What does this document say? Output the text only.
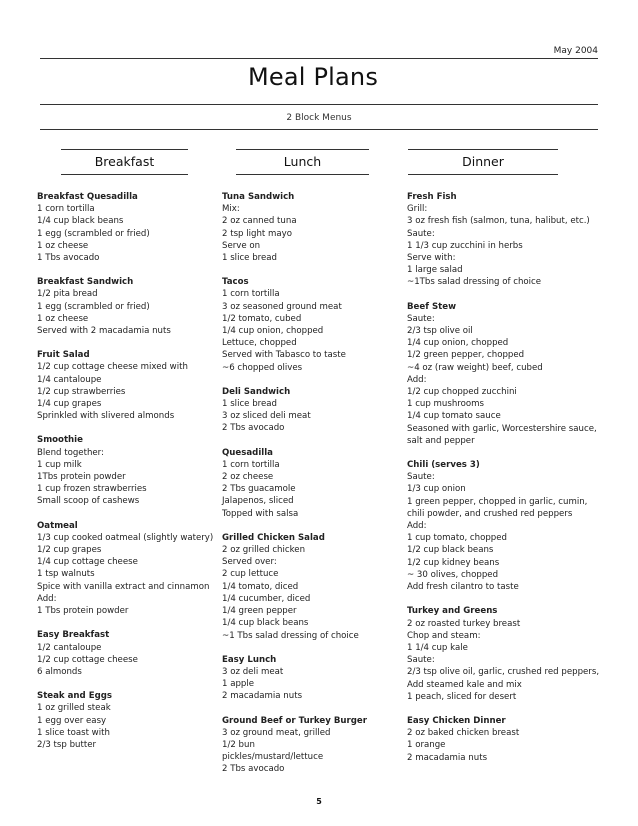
May 2004
Meal Plans
2 Block Menus
Breakfast	Lunch	Dinner
Breakfast Quesadilla
1 corn tortilla
1/4 cup black beans
1 egg (scrambled or fried)
1 oz cheese
1 Tbs avocado
Breakfast Sandwich
1/2 pita bread
1 egg (scrambled or fried)
1 oz cheese
Served with 2 macadamia nuts
Fruit Salad
1/2 cup cottage cheese mixed with
1/4 cantaloupe
1/2 cup strawberries
1/4 cup grapes
Sprinkled with slivered almonds
Smoothie
Blend together:
1 cup milk
1Tbs protein powder
1 cup frozen strawberries
Small scoop of cashews
Oatmeal
1/3 cup cooked oatmeal (slightly watery)
1/2 cup grapes
1/4 cup cottage cheese
1 tsp walnuts
Spice with vanilla extract and cinnamon
Add:
1 Tbs protein powder
Easy Breakfast
1/2 cantaloupe
1/2 cup cottage cheese
6 almonds
Steak and Eggs
1 oz grilled steak
1 egg over easy
1 slice toast with
2/3 tsp butter
Tuna Sandwich
Mix:
2 oz canned tuna
2 tsp light mayo
Serve on
1 slice bread
Tacos
1 corn tortilla
3 oz seasoned ground meat
1/2 tomato, cubed
1/4 cup onion, chopped
Lettuce, chopped
Served with Tabasco to taste
~6 chopped olives
Deli Sandwich
1 slice bread
3 oz sliced deli meat
2 Tbs avocado
Quesadilla
1 corn tortilla
2 oz cheese
2 Tbs guacamole
Jalapenos, sliced
Topped with salsa
Grilled Chicken Salad
2 oz grilled chicken
Served over:
2 cup lettuce
1/4 tomato, diced
1/4 cucumber, diced
1/4 green pepper
1/4 cup black beans
~1 Tbs salad dressing of choice
Easy Lunch
3 oz deli meat
1 apple
2 macadamia nuts
Ground Beef or Turkey Burger
3 oz ground meat, grilled
1/2 bun
pickles/mustard/lettuce
2 Tbs avocado
Fresh Fish
Grill:
3 oz fresh fish (salmon, tuna, halibut, etc.)
Saute:
1 1/3 cup zucchini in herbs
Serve with:
1 large salad
~1Tbs salad dressing of choice
Beef Stew
Saute:
2/3 tsp olive oil
1/4 cup onion, chopped
1/2 green pepper, chopped
~4 oz (raw weight) beef, cubed
Add:
1/2 cup chopped zucchini
1 cup mushrooms
1/4 cup tomato sauce
Seasoned with garlic, Worcestershire sauce,
salt and pepper
Chili (serves 3)
Saute:
1/3 cup onion
1 green pepper, chopped in garlic, cumin,
chili powder, and crushed red peppers
Add:
1 cup tomato, chopped
1/2 cup black beans
1/2 cup kidney beans
~ 30 olives, chopped
Add fresh cilantro to taste
Turkey and Greens
2 oz roasted turkey breast
Chop and steam:
1 1/4 cup kale
Saute:
2/3 tsp olive oil, garlic, crushed red peppers,
Add steamed kale and mix
1 peach, sliced for desert
Easy Chicken Dinner
2 oz baked chicken breast
1 orange
2 macadamia nuts
5
